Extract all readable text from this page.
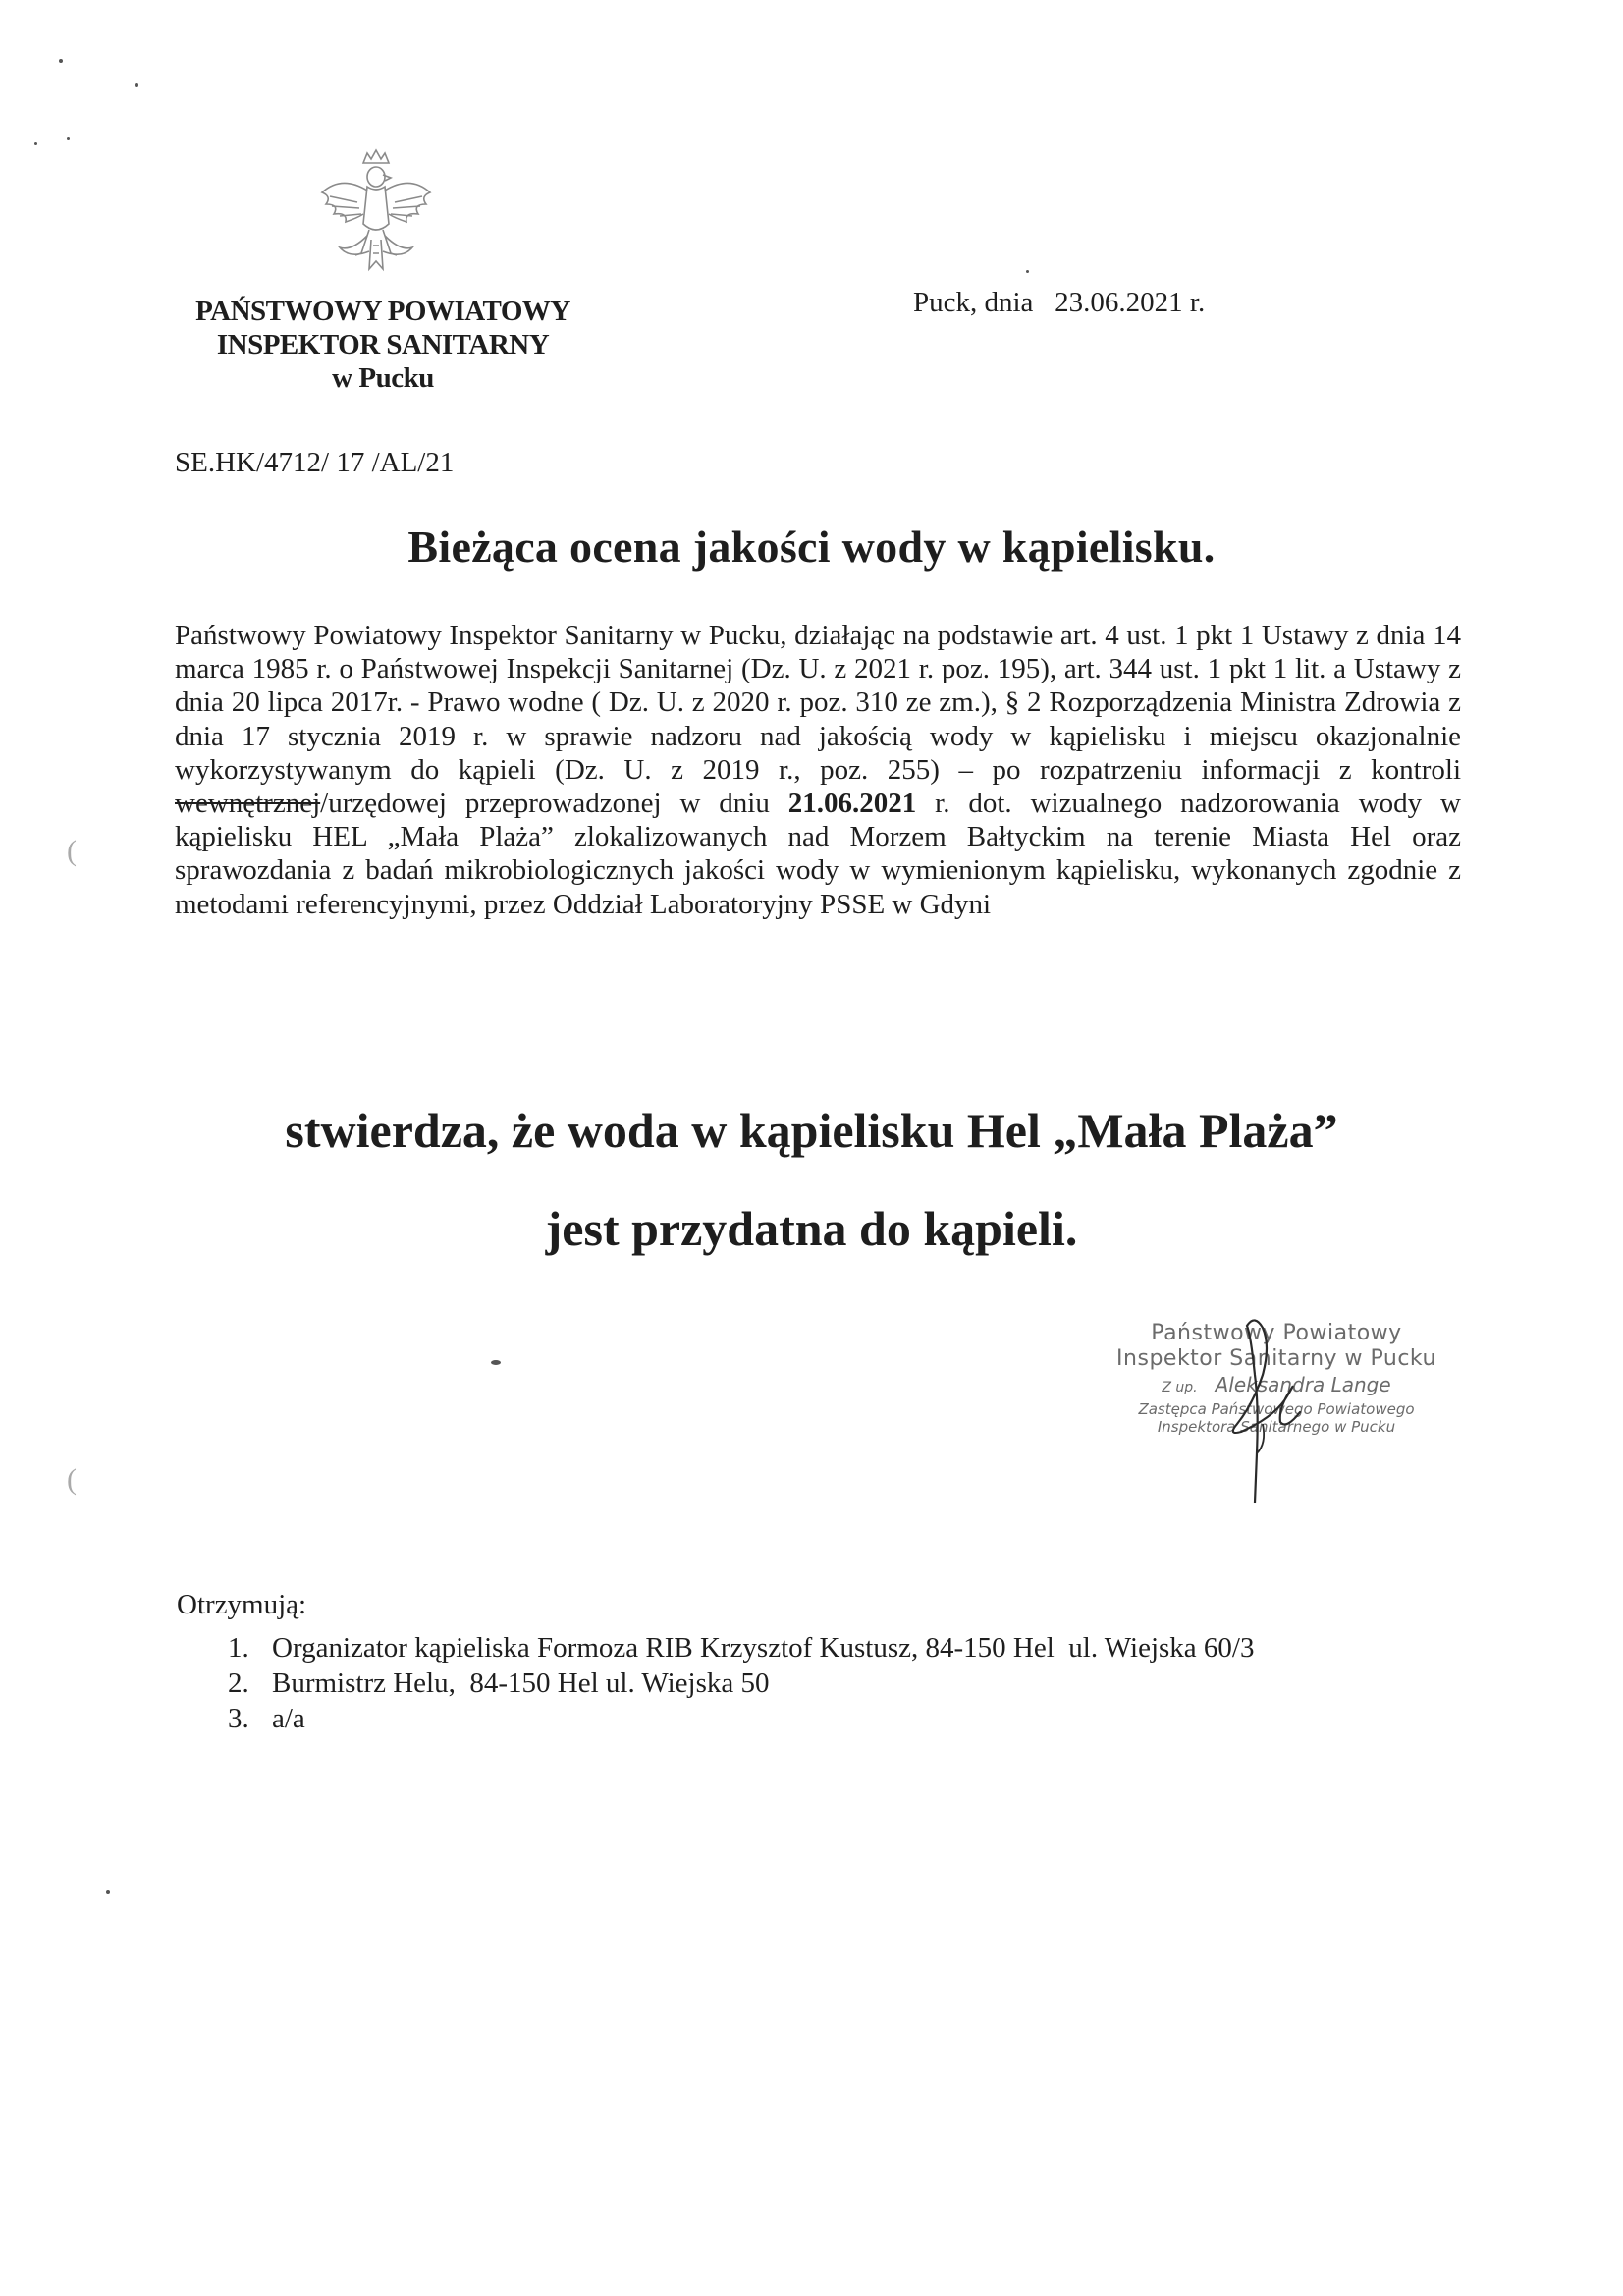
PAŃSTWOWY POWIATOWY
INSPEKTOR SANITARNY
w Pucku
Puck, dnia   23.06.2021 r.
SE.HK/4712/ 17 /AL/21
Bieżąca ocena jakości wody w kąpielisku.

Państwowy Powiatowy Inspektor Sanitarny w Pucku, działając na podstawie art. 4 ust. 1 pkt 1 Ustawy z dnia 14 marca 1985 r. o Państwowej Inspekcji Sanitarnej (Dz. U. z 2021 r. poz. 195), art. 344 ust. 1 pkt 1 lit. a Ustawy z dnia 20 lipca 2017r. - Prawo wodne ( Dz. U. z 2020 r. poz. 310 ze zm.), § 2 Rozporządzenia Ministra Zdrowia z dnia 17 stycznia 2019 r. w sprawie nadzoru nad jakością wody w kąpielisku i miejscu okazjonalnie wykorzystywanym do kąpieli (Dz. U. z 2019 r., poz. 255) – po rozpatrzeniu informacji z kontroli wewnętrznej/urzędowej przeprowadzonej w dniu 21.06.2021 r. dot. wizualnego nadzorowania wody w kąpielisku HEL „Mała Plaża” zlokalizowanych nad Morzem Bałtyckim na terenie Miasta Hel oraz sprawozdania z badań mikrobiologicznych jakości wody w wymienionym kąpielisku, wykonanych zgodnie z metodami referencyjnymi, przez Oddział Laboratoryjny PSSE w Gdyni

stwierdza, że woda w kąpielisku Hel „Mała Plaża”
jest przydatna do kąpieli.
Państwowy Powiatowy
Inspektor Sanitarny w Pucku
Z up. Aleksandra Lange
Zastępca Państwowego Powiatowego
Inspektora Sanitarnego w Pucku
Otrzymują:
1. Organizator kąpieliska Formoza RIB Krzysztof Kustusz, 84-150 Hel  ul. Wiejska 60/3
2. Burmistrz Helu,  84-150 Hel ul. Wiejska 50
3. a/a
(
(
